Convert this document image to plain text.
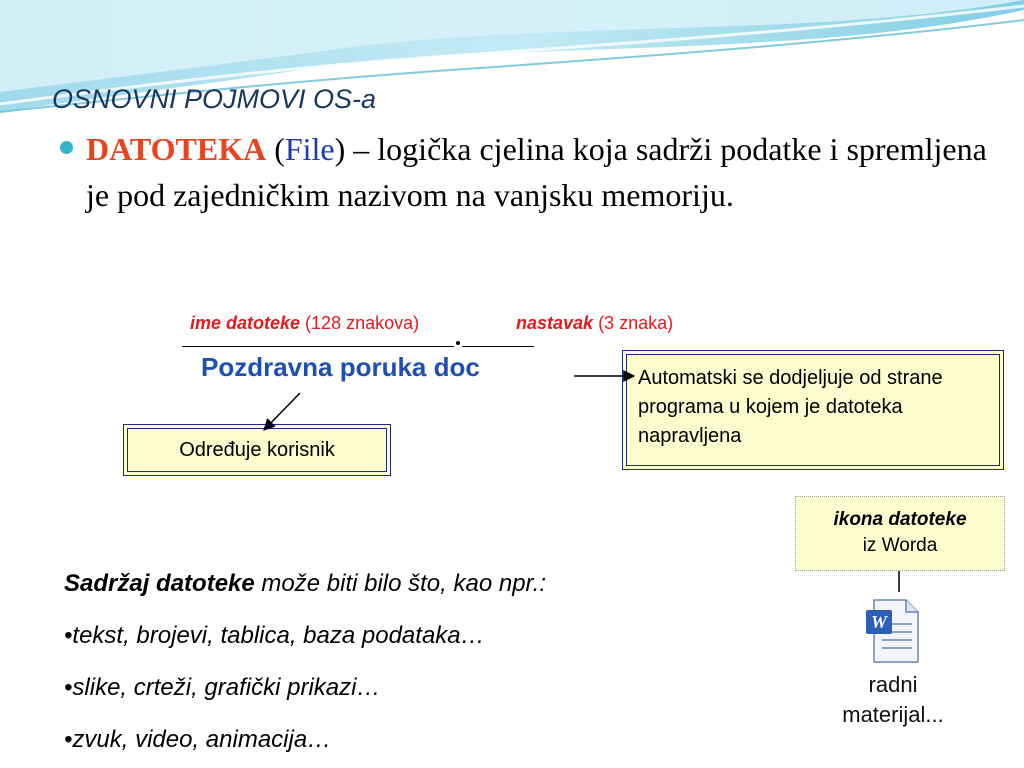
OSNOVNI POJMOVI OS-a
DATOTEKA (File) – logička cjelina koja sadrži podatke i spremljena je pod zajedničkim nazivom na vanjsku memoriju.
ime datoteke (128 znakova)	nastavak (3 znaka)
Pozdravna poruka doc
Određuje korisnik
Automatski se dodjeljuje od strane programa u kojem je datoteka napravljena
ikona datoteke
iz Worda
Sadržaj datoteke može biti bilo što, kao npr.:
•tekst, brojevi, tablica, baza podataka…
•slike, crteži, grafički prikazi…
•zvuk, video, animacija…
W
radni
materijal...
